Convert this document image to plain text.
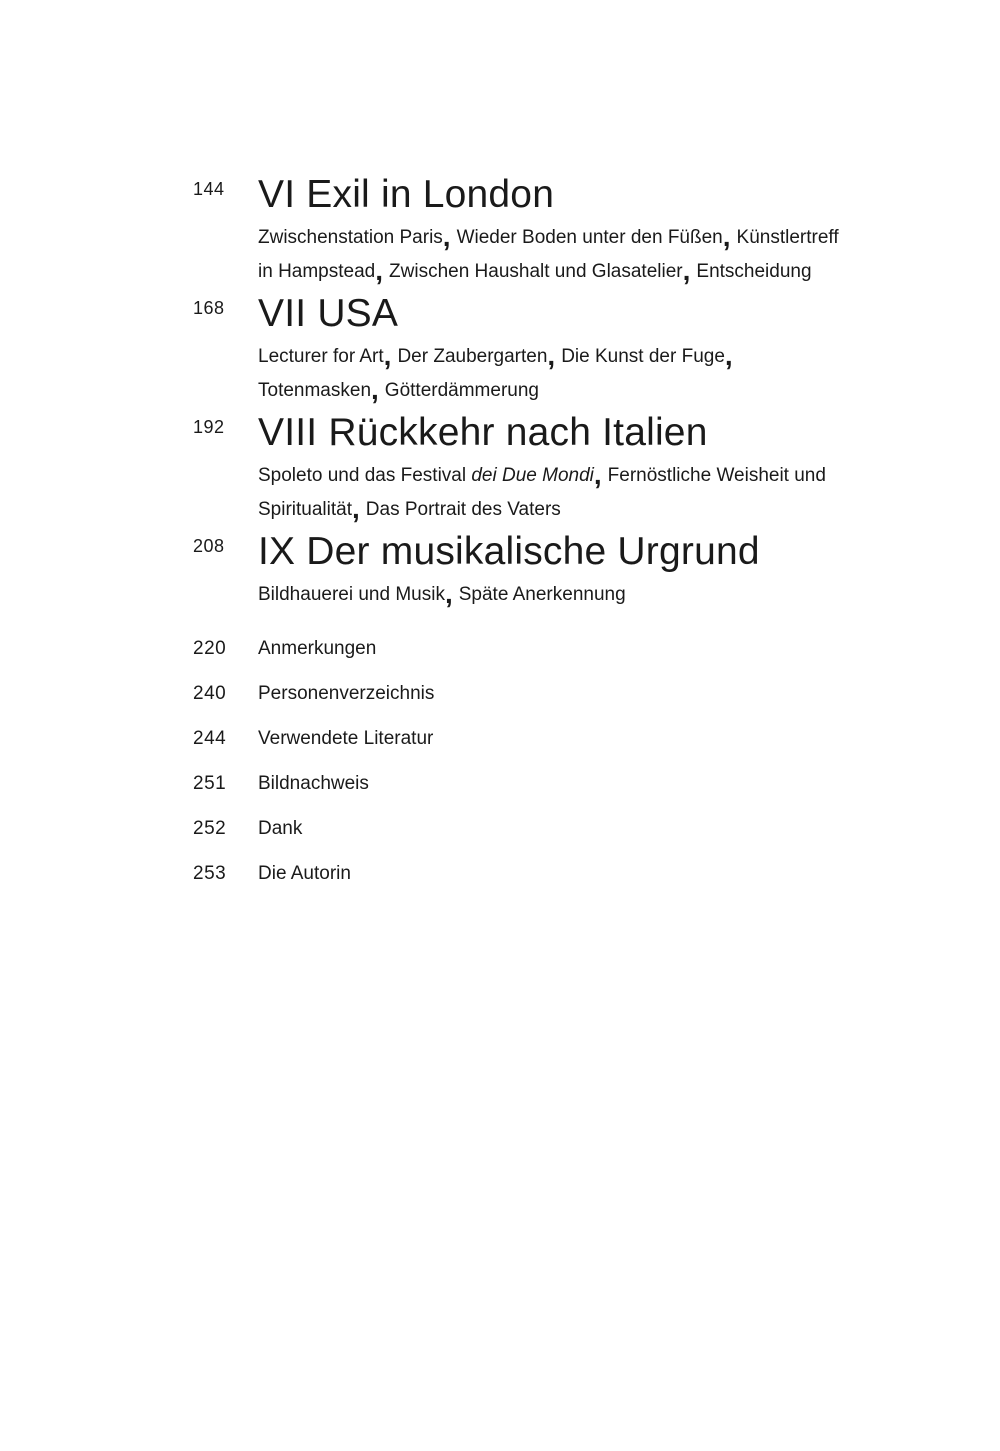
144 VI Exil in London
Zwischenstation Paris, Wieder Boden unter den Füßen, Künstlertreff
in Hampstead, Zwischen Haushalt und Glasatelier, Entscheidung
168 VII USA
Lecturer for Art, Der Zaubergarten, Die Kunst der Fuge,
Totenmasken, Götterdämmerung
192 VIII Rückkehr nach Italien
Spoleto und das Festival dei Due Mondi, Fernöstliche Weisheit und
Spiritualität, Das Portrait des Vaters
208 IX Der musikalische Urgrund
Bildhauerei und Musik, Späte Anerkennung
220 Anmerkungen
240 Personenverzeichnis
244 Verwendete Literatur
251 Bildnachweis
252 Dank
253 Die Autorin
